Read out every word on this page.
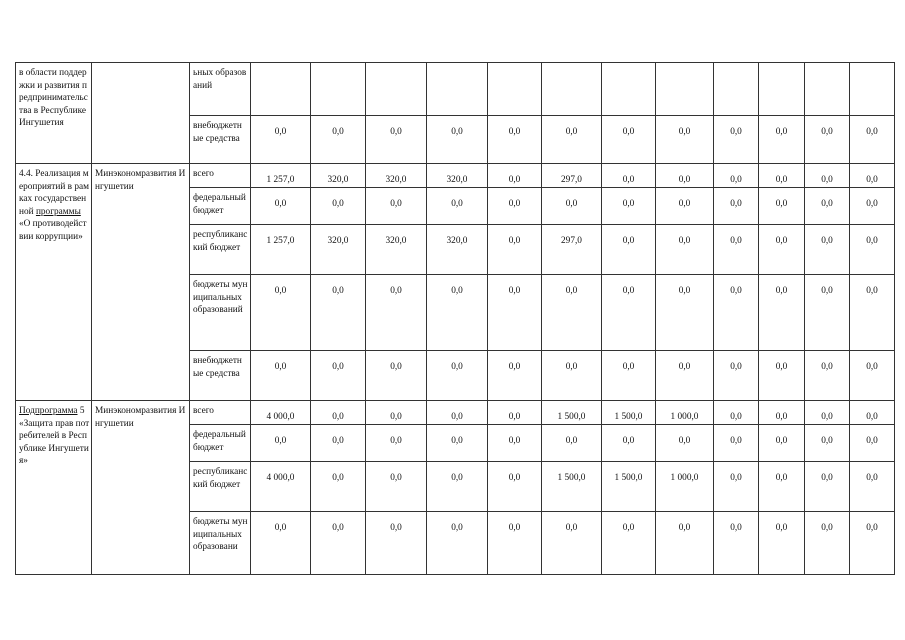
в области поддержки и развития предпринимательства в Республике Ингушетия		ьных образований												
		внебюджетные средства	0,0	0,0	0,0	0,0	0,0	0,0	0,0	0,0	0,0	0,0	0,0	0,0
4.4. Реализация мероприятий в рамках государственной программы «О противодействии коррупции»	Минэкономразвития Ингушетии	всего	1 257,0	320,0	320,0	320,0	0,0	297,0	0,0	0,0	0,0	0,0	0,0	0,0
		федеральный бюджет	0,0	0,0	0,0	0,0	0,0	0,0	0,0	0,0	0,0	0,0	0,0	0,0
		республиканский бюджет	1 257,0	320,0	320,0	320,0	0,0	297,0	0,0	0,0	0,0	0,0	0,0	0,0
		бюджеты муниципальных образований	0,0	0,0	0,0	0,0	0,0	0,0	0,0	0,0	0,0	0,0	0,0	0,0
		внебюджетные средства	0,0	0,0	0,0	0,0	0,0	0,0	0,0	0,0	0,0	0,0	0,0	0,0
Подпрограмма 5 «Защита прав потребителей в Республике Ингушетия»	Минэкономразвития Ингушетии	всего	4 000,0	0,0	0,0	0,0	0,0	1 500,0	1 500,0	1 000,0	0,0	0,0	0,0	0,0
		федеральный бюджет	0,0	0,0	0,0	0,0	0,0	0,0	0,0	0,0	0,0	0,0	0,0	0,0
		республиканский бюджет	4 000,0	0,0	0,0	0,0	0,0	1 500,0	1 500,0	1 000,0	0,0	0,0	0,0	0,0
		бюджеты муниципальных образовани	0,0	0,0	0,0	0,0	0,0	0,0	0,0	0,0	0,0	0,0	0,0	0,0
